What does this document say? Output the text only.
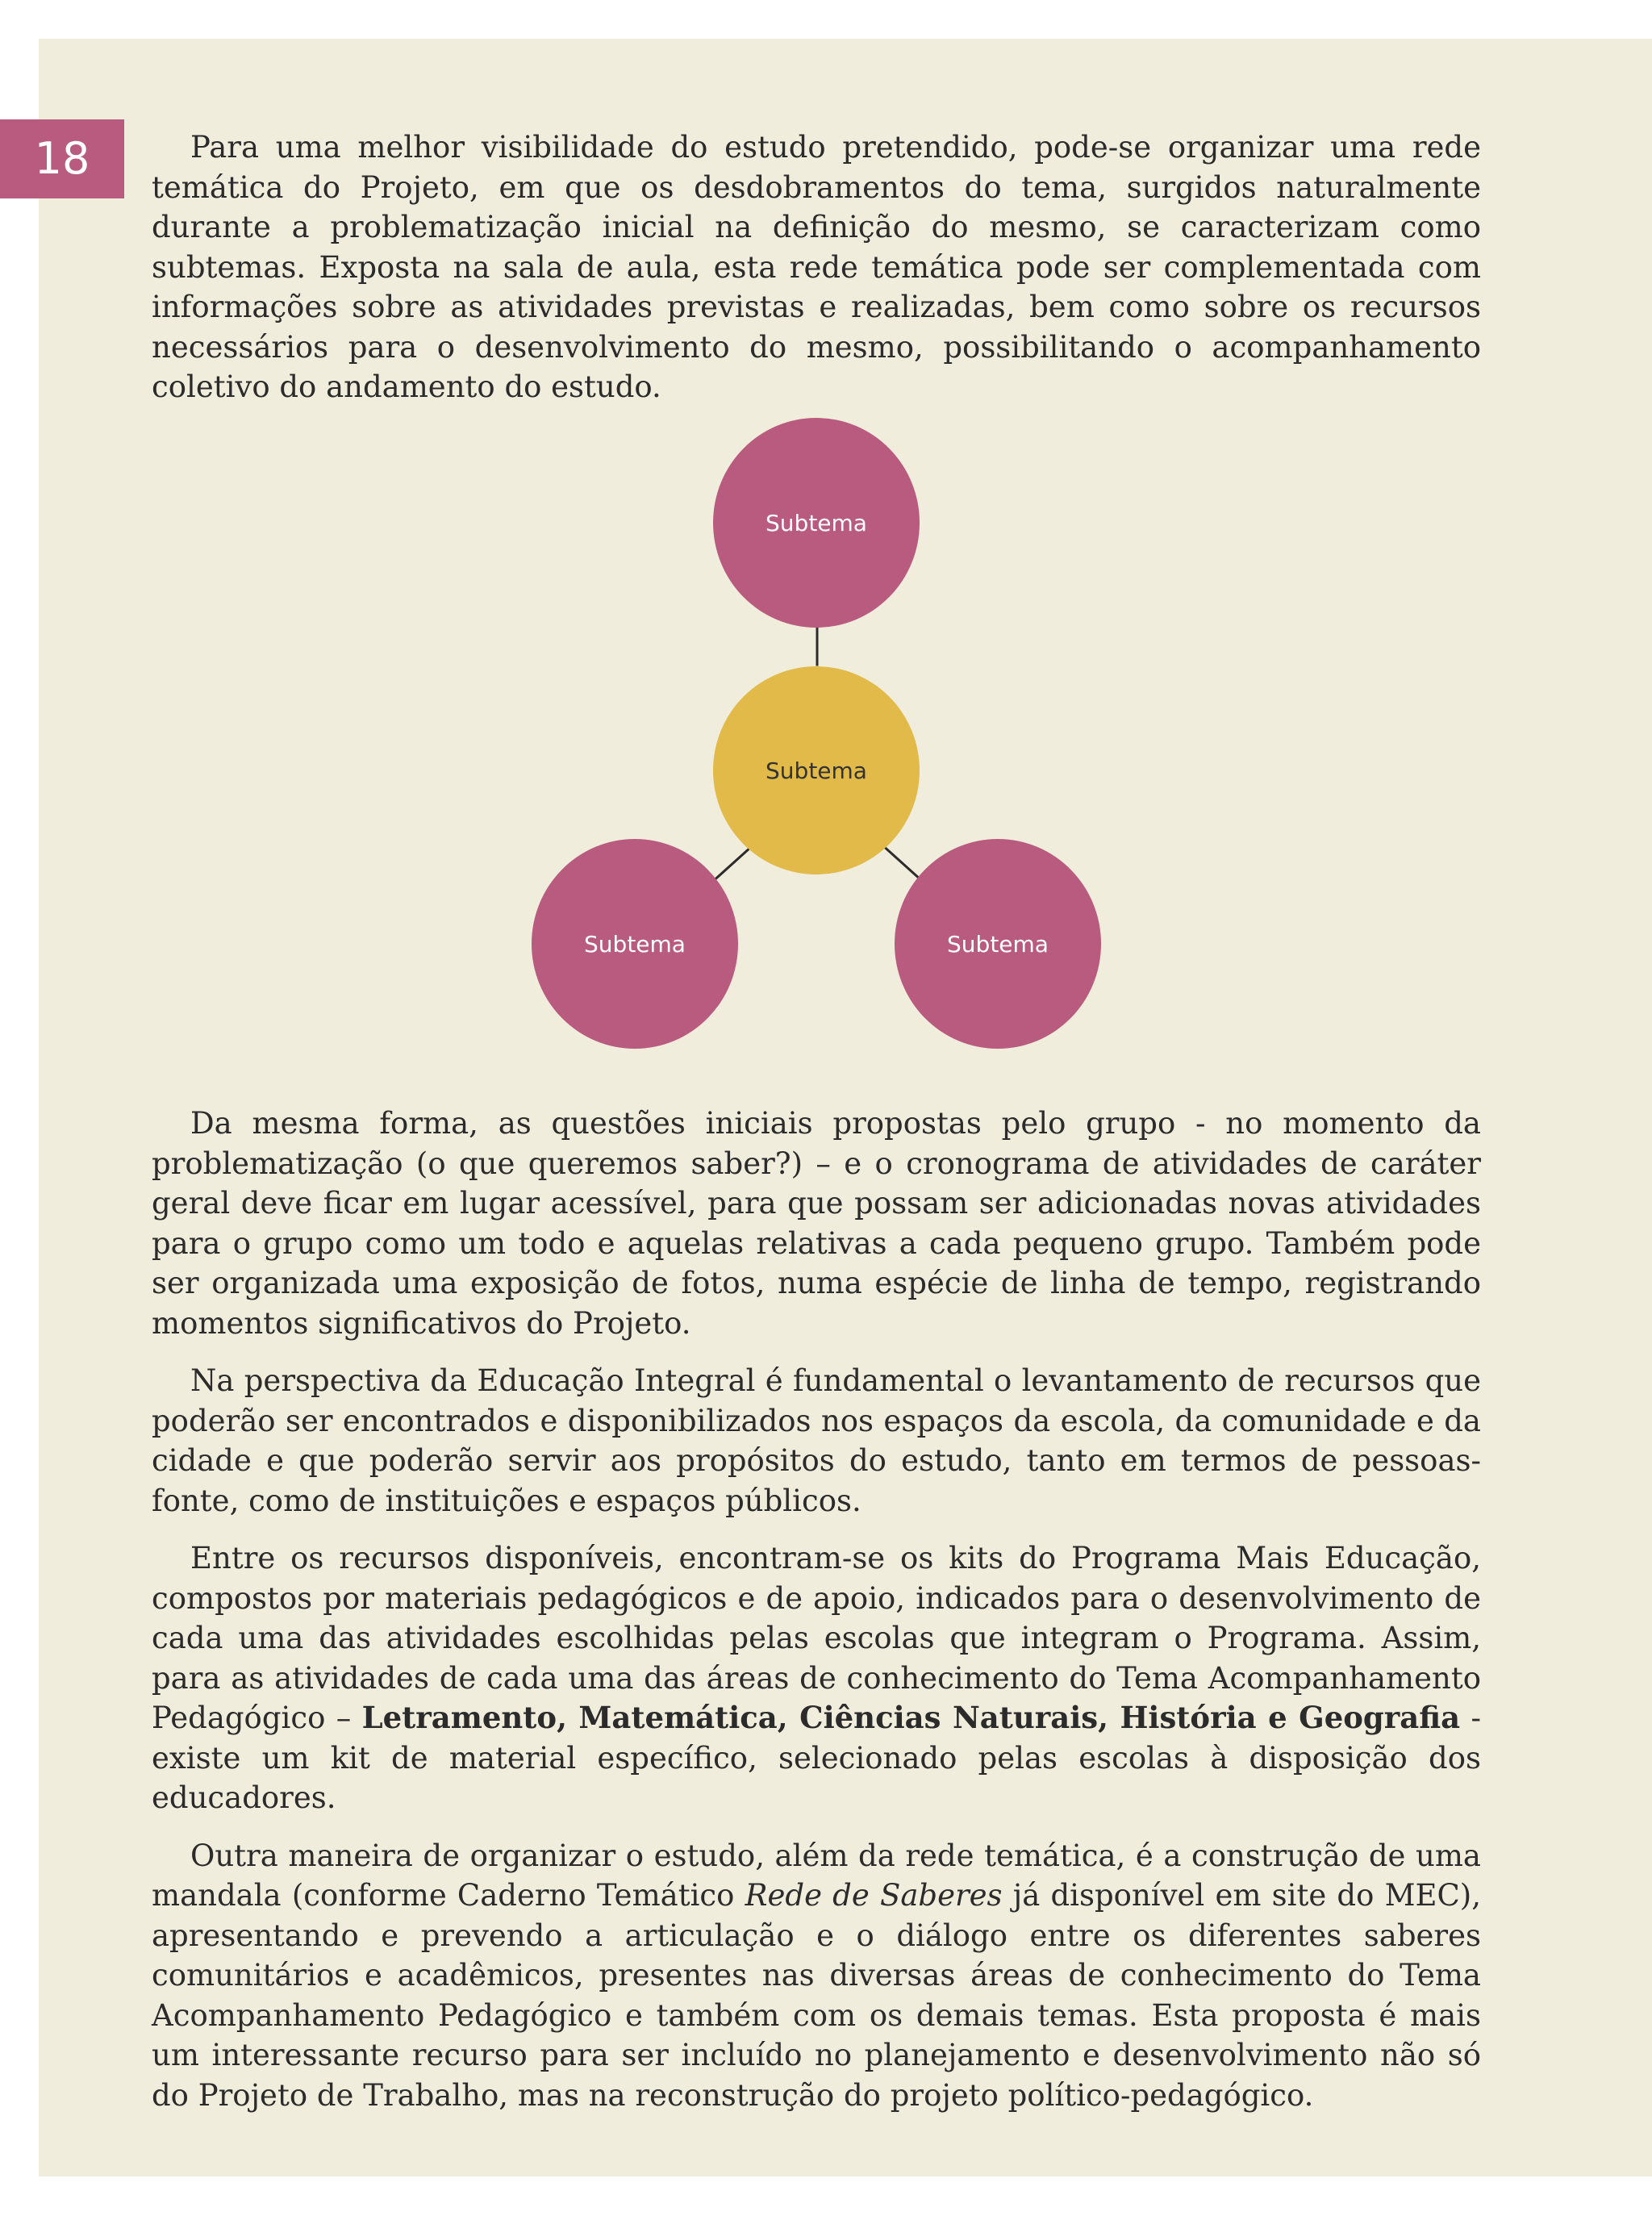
18	Para uma melhor visibilidade do estudo pretendido, pode-se organizar uma rede temática do Projeto, em que os desdobramentos do tema, surgidos naturalmente durante a problematização inicial na definição do mesmo, se caracterizam como subtemas. Exposta na sala de aula, esta rede temática pode ser complementada com informações sobre as atividades previstas e realizadas, bem como sobre os recursos necessários para o desenvolvimento do mesmo, possibilitando o acompanhamento coletivo do andamento do estudo.

Subtema
Subtema
Subtema	Subtema

Da mesma forma, as questões iniciais propostas pelo grupo - no momento da problematização (o que queremos saber?) – e o cronograma de atividades de caráter geral deve ficar em lugar acessível, para que possam ser adicionadas novas atividades para o grupo como um todo e aquelas relativas a cada pequeno grupo. Também pode ser organizada uma exposição de fotos, numa espécie de linha de tempo, registrando momentos significativos do Projeto.

Na perspectiva da Educação Integral é fundamental o levantamento de recursos que poderão ser encontrados e disponibilizados nos espaços da escola, da comunidade e da cidade e que poderão servir aos propósitos do estudo, tanto em termos de pessoas-fonte, como de instituições e espaços públicos.

Entre os recursos disponíveis, encontram-se os kits do Programa Mais Educação, compostos por materiais pedagógicos e de apoio, indicados para o desenvolvimento de cada uma das atividades escolhidas pelas escolas que integram o Programa. Assim, para as atividades de cada uma das áreas de conhecimento do Tema Acompanhamento Pedagógico – Letramento, Matemática, Ciências Naturais, História e Geografia - existe um kit de material específico, selecionado pelas escolas à disposição dos educadores.

Outra maneira de organizar o estudo, além da rede temática, é a construção de uma mandala (conforme Caderno Temático Rede de Saberes já disponível em site do MEC), apresentando e prevendo a articulação e o diálogo entre os diferentes saberes comunitários e acadêmicos, presentes nas diversas áreas de conhecimento do Tema Acompanhamento Pedagógico e também com os demais temas. Esta proposta é mais um interessante recurso para ser incluído no planejamento e desenvolvimento não só do Projeto de Trabalho, mas na reconstrução do projeto político-pedagógico.
